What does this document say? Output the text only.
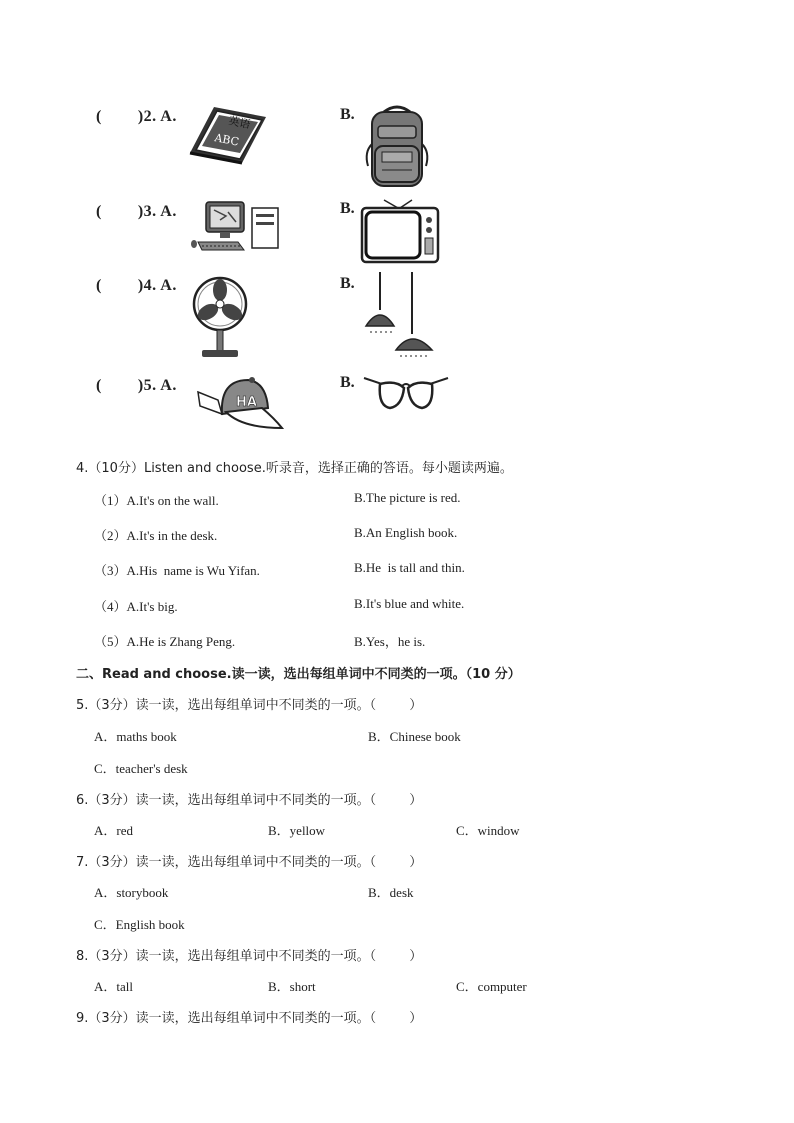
(        )2. A.	B.
(        )3. A.	B.
(        )4. A.	B.
(        )5. A.	B.
英语
ABC
HA
4.（10分）Listen and choose.听录音，选择正确的答语。每小题读两遍。
（1）A.It's on the wall.	B.The picture is red.
（2）A.It's in the desk.	B.An English book.
（3）A.His  name is Wu Yifan.	B.He  is tall and thin.
（4）A.It's big.	B.It's blue and white.
（5）A.He is Zhang Peng.	B.Yes，he is.
二、Read and choose.读一读，选出每组单词中不同类的一项。（10 分）
5.（3分）读一读，选出每组单词中不同类的一项。（        ）
A．maths book	B．Chinese book
C．teacher's desk
6.（3分）读一读，选出每组单词中不同类的一项。（        ）
A．red	B．yellow	C．window
7.（3分）读一读，选出每组单词中不同类的一项。（        ）
A．storybook	B．desk
C．English book
8.（3分）读一读，选出每组单词中不同类的一项。（        ）
A．tall	B．short	C．computer
9.（3分）读一读，选出每组单词中不同类的一项。（        ）
